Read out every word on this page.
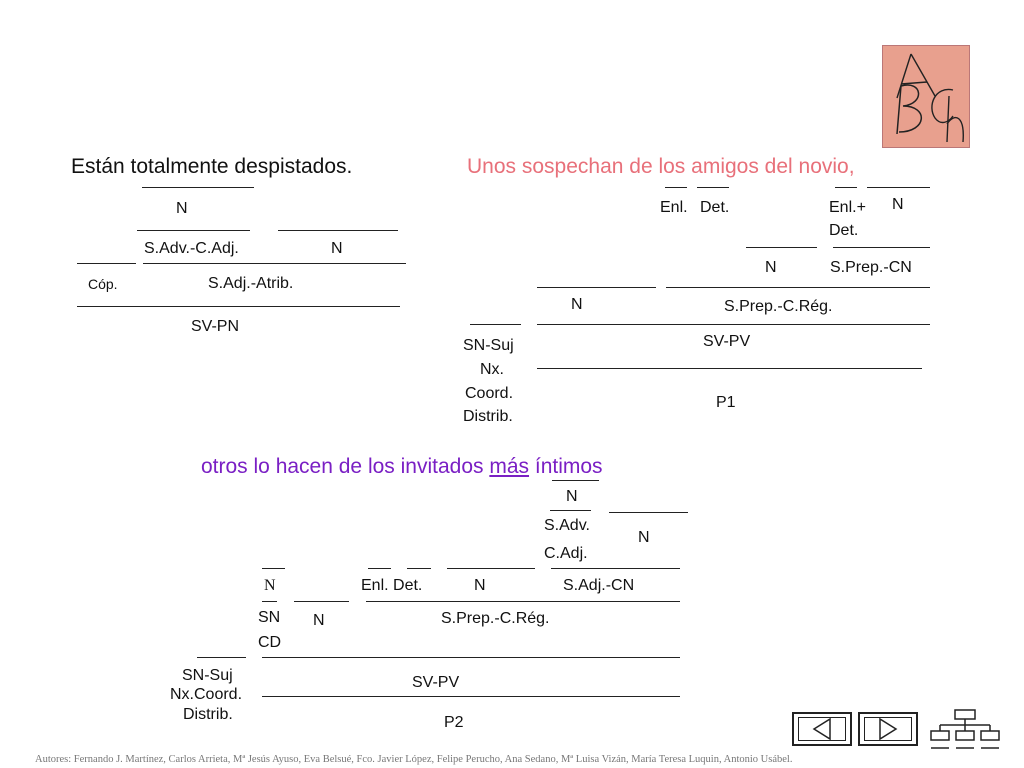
Están totalmente despistados.
N
S.Adv.-C.Adj.	N
Cóp.	S.Adj.-Atrib.
SV-PN
Unos sospechan de los amigos del novio,
Enl. Det.	Enl.+ N
Det.
N	S.Prep.-CN
N	S.Prep.-C.Rég.
SN-Suj	SV-PV
Nx.
Coord.
P1
Distrib.
otros lo hacen de los invitados más íntimos
N
S.Adv.
N
C.Adj.
N	Enl. Det.	N	S.Adj.-CN
SN N	S.Prep.-C.Rég.
CD
SN-Suj	SV-PV
Nx.Coord.
Distrib.	P2
Autores: Fernando J. Martínez, Carlos Arrieta, Mª Jesús Ayuso, Eva Belsué, Fco. Javier López, Felipe Perucho, Ana Sedano, Mª Luisa Vizán, María Teresa Luquin, Antonio Usábel.
